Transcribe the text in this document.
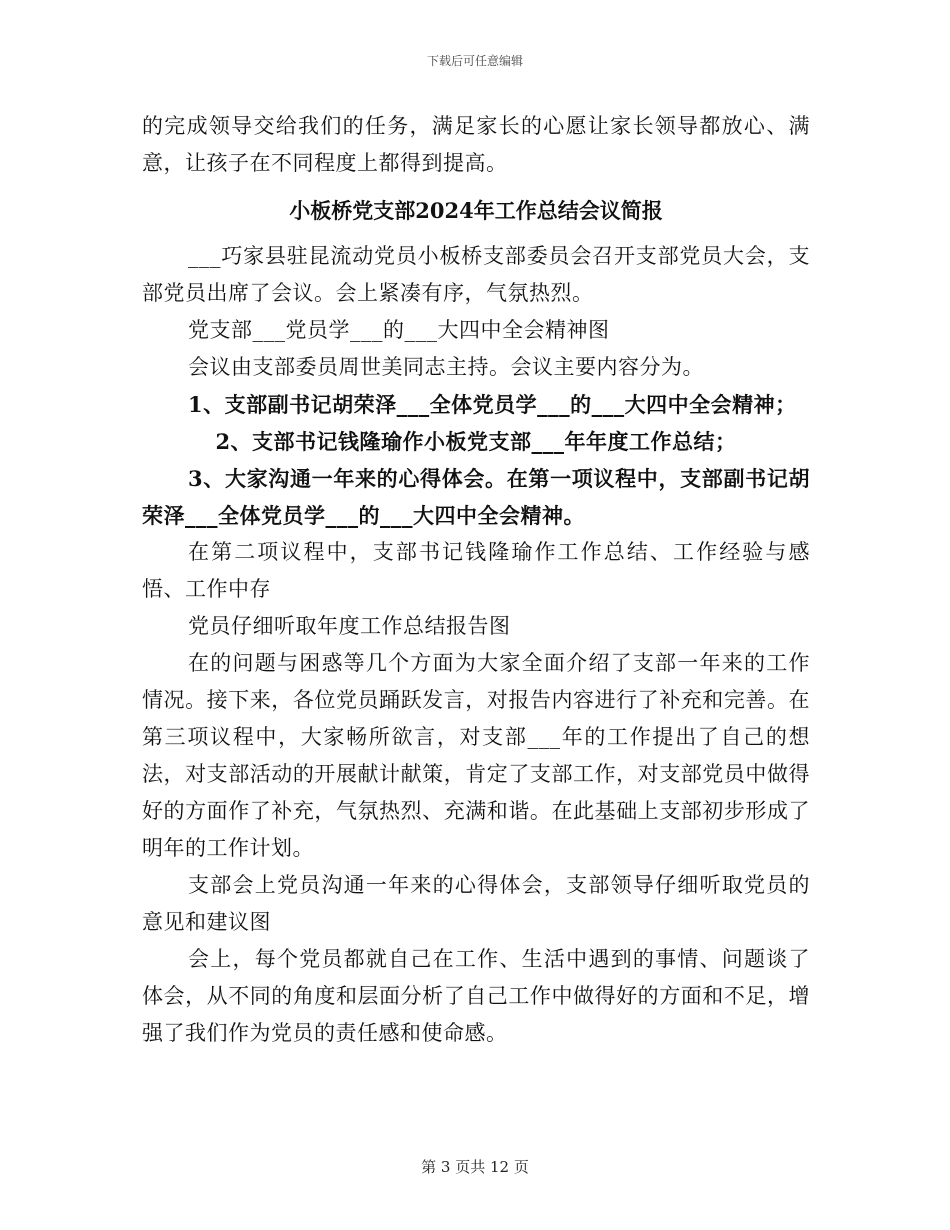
下载后可任意编辑

的完成领导交给我们的任务，满足家长的心愿让家长领导都放心、满意，让孩子在不同程度上都得到提高。

小板桥党支部2024年工作总结会议简报

___巧家县驻昆流动党员小板桥支部委员会召开支部党员大会，支部党员出席了会议。会上紧凑有序，气氛热烈。

党支部___党员学___的___大四中全会精神图

会议由支部委员周世美同志主持。会议主要内容分为。

1、支部副书记胡荣泽___全体党员学___的___大四中全会精神；

2、支部书记钱隆瑜作小板党支部___年年度工作总结；

3、大家沟通一年来的心得体会。在第一项议程中，支部副书记胡荣泽___全体党员学___的___大四中全会精神。

在第二项议程中，支部书记钱隆瑜作工作总结、工作经验与感悟、工作中存

党员仔细听取年度工作总结报告图

在的问题与困惑等几个方面为大家全面介绍了支部一年来的工作情况。接下来，各位党员踊跃发言，对报告内容进行了补充和完善。在第三项议程中，大家畅所欲言，对支部___年的工作提出了自己的想法，对支部活动的开展献计献策，肯定了支部工作，对支部党员中做得好的方面作了补充，气氛热烈、充满和谐。在此基础上支部初步形成了明年的工作计划。

支部会上党员沟通一年来的心得体会，支部领导仔细听取党员的意见和建议图

会上，每个党员都就自己在工作、生活中遇到的事情、问题谈了体会，从不同的角度和层面分析了自己工作中做得好的方面和不足，增强了我们作为党员的责任感和使命感。

第 3 页共 12 页
